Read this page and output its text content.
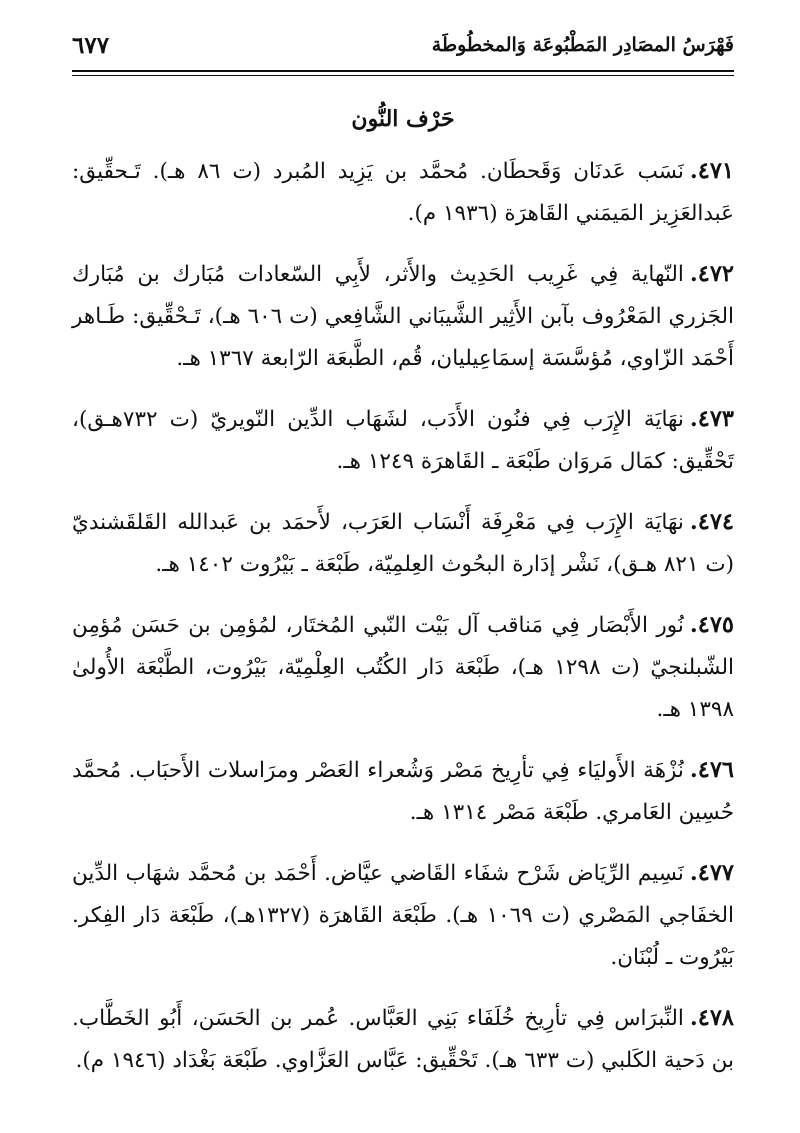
فَهْرَسُ المصَادِر المَطْبُوعَة وَالمخطُوطَة
٦٧٧
حَرْف النُّون

٤٧١.نَسَب عَدنَان وَقَحطَان. مُحمَّد بن يَزِيد المُبرد (ت ٨٦ هـ). تَـحقِّيق: عَبدالعَزِيز المَيمَني القَاهرَة (١٩٣٦ م).

٤٧٢.النّهاية فِي غَرِيب الحَدِيث والأَثر، لأَبِي السّعادات مُبَارك بن مُبَارك الجَزري المَعْرُوف بآبن الأَثِير الشَّيبَاني الشَّافِعي (ت ٦٠٦ هـ)، تَـحْقِّيق: طَـاهر أَحْمَد الزّاوي، مُؤسَّسَة إسمَاعِيليان، قُم، الطَّبعَة الرّابعة ١٣٦٧ هـ.

٤٧٣.نهَايَة الإِرَب فِي فنُون الأَدَب، لشَهَاب الدِّين النّويريّ (ت ٧٣٢هـق)، تَحْقِّيق: كمَال مَروَان طَبْعَة ـ القَاهرَة ١٢٤٩ هـ.

٤٧٤.نهَايَة الإِرَب فِي مَعْرِفَة أَنْسَاب العَرَب، لأَحمَد بن عَبدالله القَلقَشنديّ (ت ٨٢١ هـق)، نَشْر إدَارة البحُوث العِلمِيّة، طَبْعَة ـ بَيْرُوت ١٤٠٢ هـ.

٤٧٥.نُور الأَبْصَار فِي مَناقب آل بَيْت النّبي المُختَار، لمُؤمِن بن حَسَن مُؤمِن الشّبلنجيّ (ت ١٢٩٨ هـ)، طَبْعَة دَار الكُتُب العِلْمِيّة، بَيْرُوت، الطَّبْعَة الأُولىٰ ١٣٩٨ هـ.

٤٧٦.نُزْهَة الأَوليَاء فِي تأرِيخ مَصْر وَشُعراء العَصْر ومرَاسلات الأَحبَاب. مُحمَّد حُسِين العَامري. طَبْعَة مَصْر ١٣١٤ هـ.

٤٧٧.نَسِيم الرِّيَاض شَرْح شفَاء القَاضي عيَّاض. أَحْمَد بن مُحمَّد شهَاب الدِّين الخفَاجي المَصْري (ت ١٠٦٩ هـ). طَبْعَة القَاهرَة (١٣٢٧هـ)، طَبْعَة دَار الفِكر. بَيْرُوت ـ لُبْنَان.

٤٧٨.النِّبرَاس فِي تأرِيخ خُلَفَاء بَنِي العَبَّاس. عُمر بن الحَسَن، أَبُو الخَطَّاب. بن دَحية الكَلبي (ت ٦٣٣ هـ). تَحْقِّيق: عَبَّاس العَزَّاوي. طَبْعَة بَغْدَاد (١٩٤٦ م).
